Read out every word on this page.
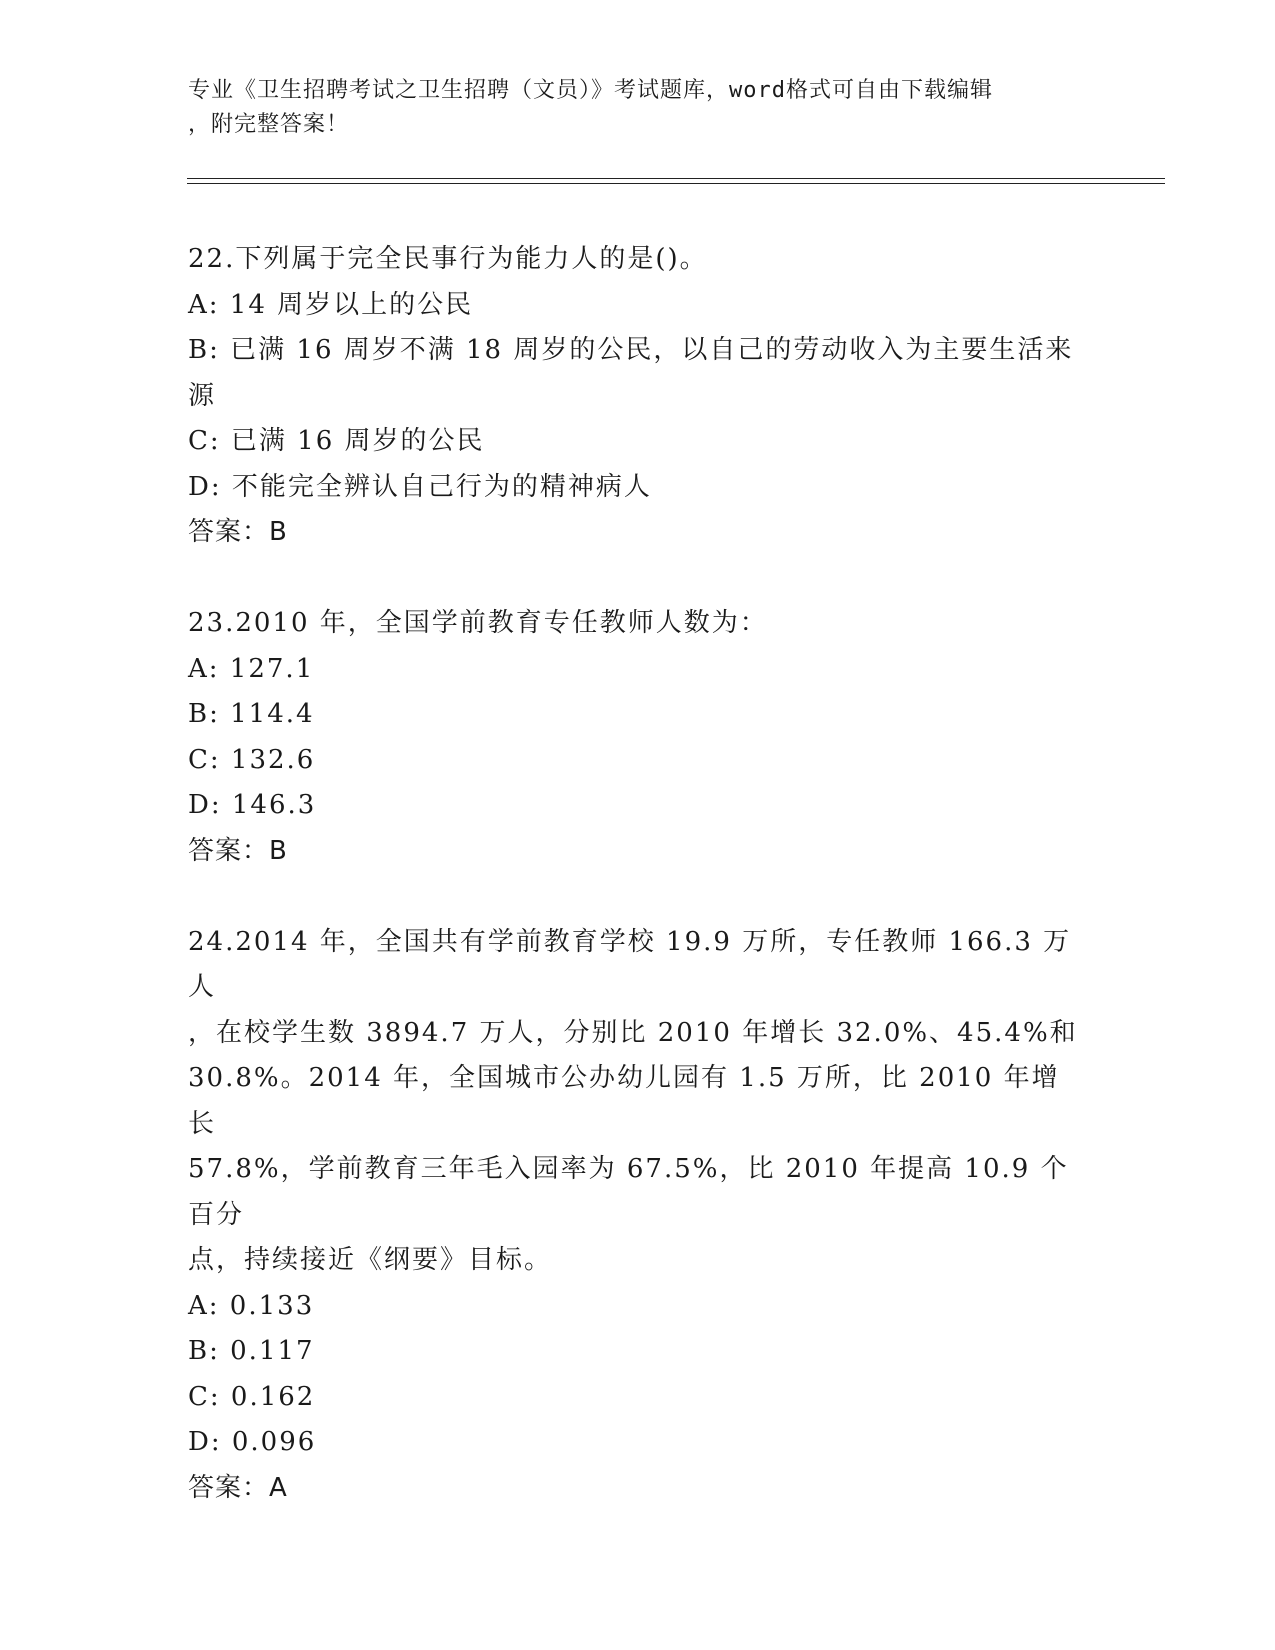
专业《卫生招聘考试之卫生招聘（文员）》考试题库，word格式可自由下载编辑
，附完整答案！
22.下列属于完全民事行为能力人的是()。
A: 14 周岁以上的公民
B: 已满 16 周岁不满 18 周岁的公民，以自己的劳动收入为主要生活来
源
C: 已满 16 周岁的公民
D: 不能完全辨认自己行为的精神病人
答案：B
23.2010 年，全国学前教育专任教师人数为：
A: 127.1
B: 114.4
C: 132.6
D: 146.3
答案：B
24.2014 年，全国共有学前教育学校 19.9 万所，专任教师 166.3 万人
，在校学生数 3894.7 万人，分别比 2010 年增长 32.0%、45.4%和
30.8%。2014 年，全国城市公办幼儿园有 1.5 万所，比 2010 年增长
57.8%，学前教育三年毛入园率为 67.5%，比 2010 年提高 10.9 个百分
点，持续接近《纲要》目标。
A: 0.133
B: 0.117
C: 0.162
D: 0.096
答案：A
